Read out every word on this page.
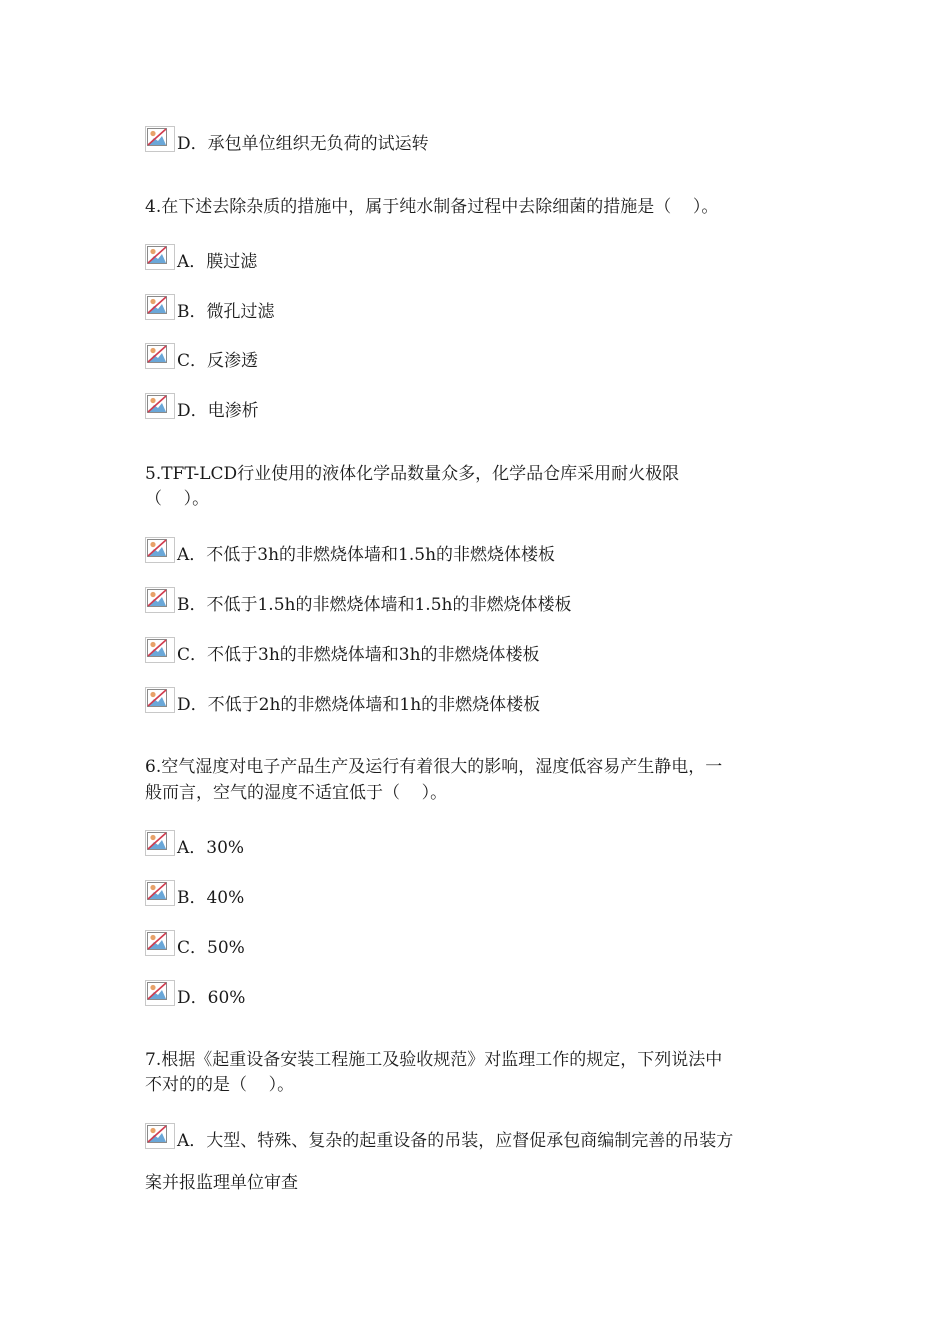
D．承包单位组织无负荷的试运转
4.在下述去除杂质的措施中，属于纯水制备过程中去除细菌的措施是（    ）。
A．膜过滤
B．微孔过滤
C．反渗透
D．电渗析
5.TFT-LCD行业使用的液体化学品数量众多，化学品仓库采用耐火极限
（    ）。
A．不低于3h的非燃烧体墙和1.5h的非燃烧体楼板
B．不低于1.5h的非燃烧体墙和1.5h的非燃烧体楼板
C．不低于3h的非燃烧体墙和3h的非燃烧体楼板
D．不低于2h的非燃烧体墙和1h的非燃烧体楼板
6.空气湿度对电子产品生产及运行有着很大的影响，湿度低容易产生静电，一
般而言，空气的湿度不适宜低于（    ）。
A．30%
B．40%
C．50%
D．60%
7.根据《起重设备安装工程施工及验收规范》对监理工作的规定，下列说法中
不对的的是（    ）。
A．大型、特殊、复杂的起重设备的吊装，应督促承包商编制完善的吊装方
案并报监理单位审查
